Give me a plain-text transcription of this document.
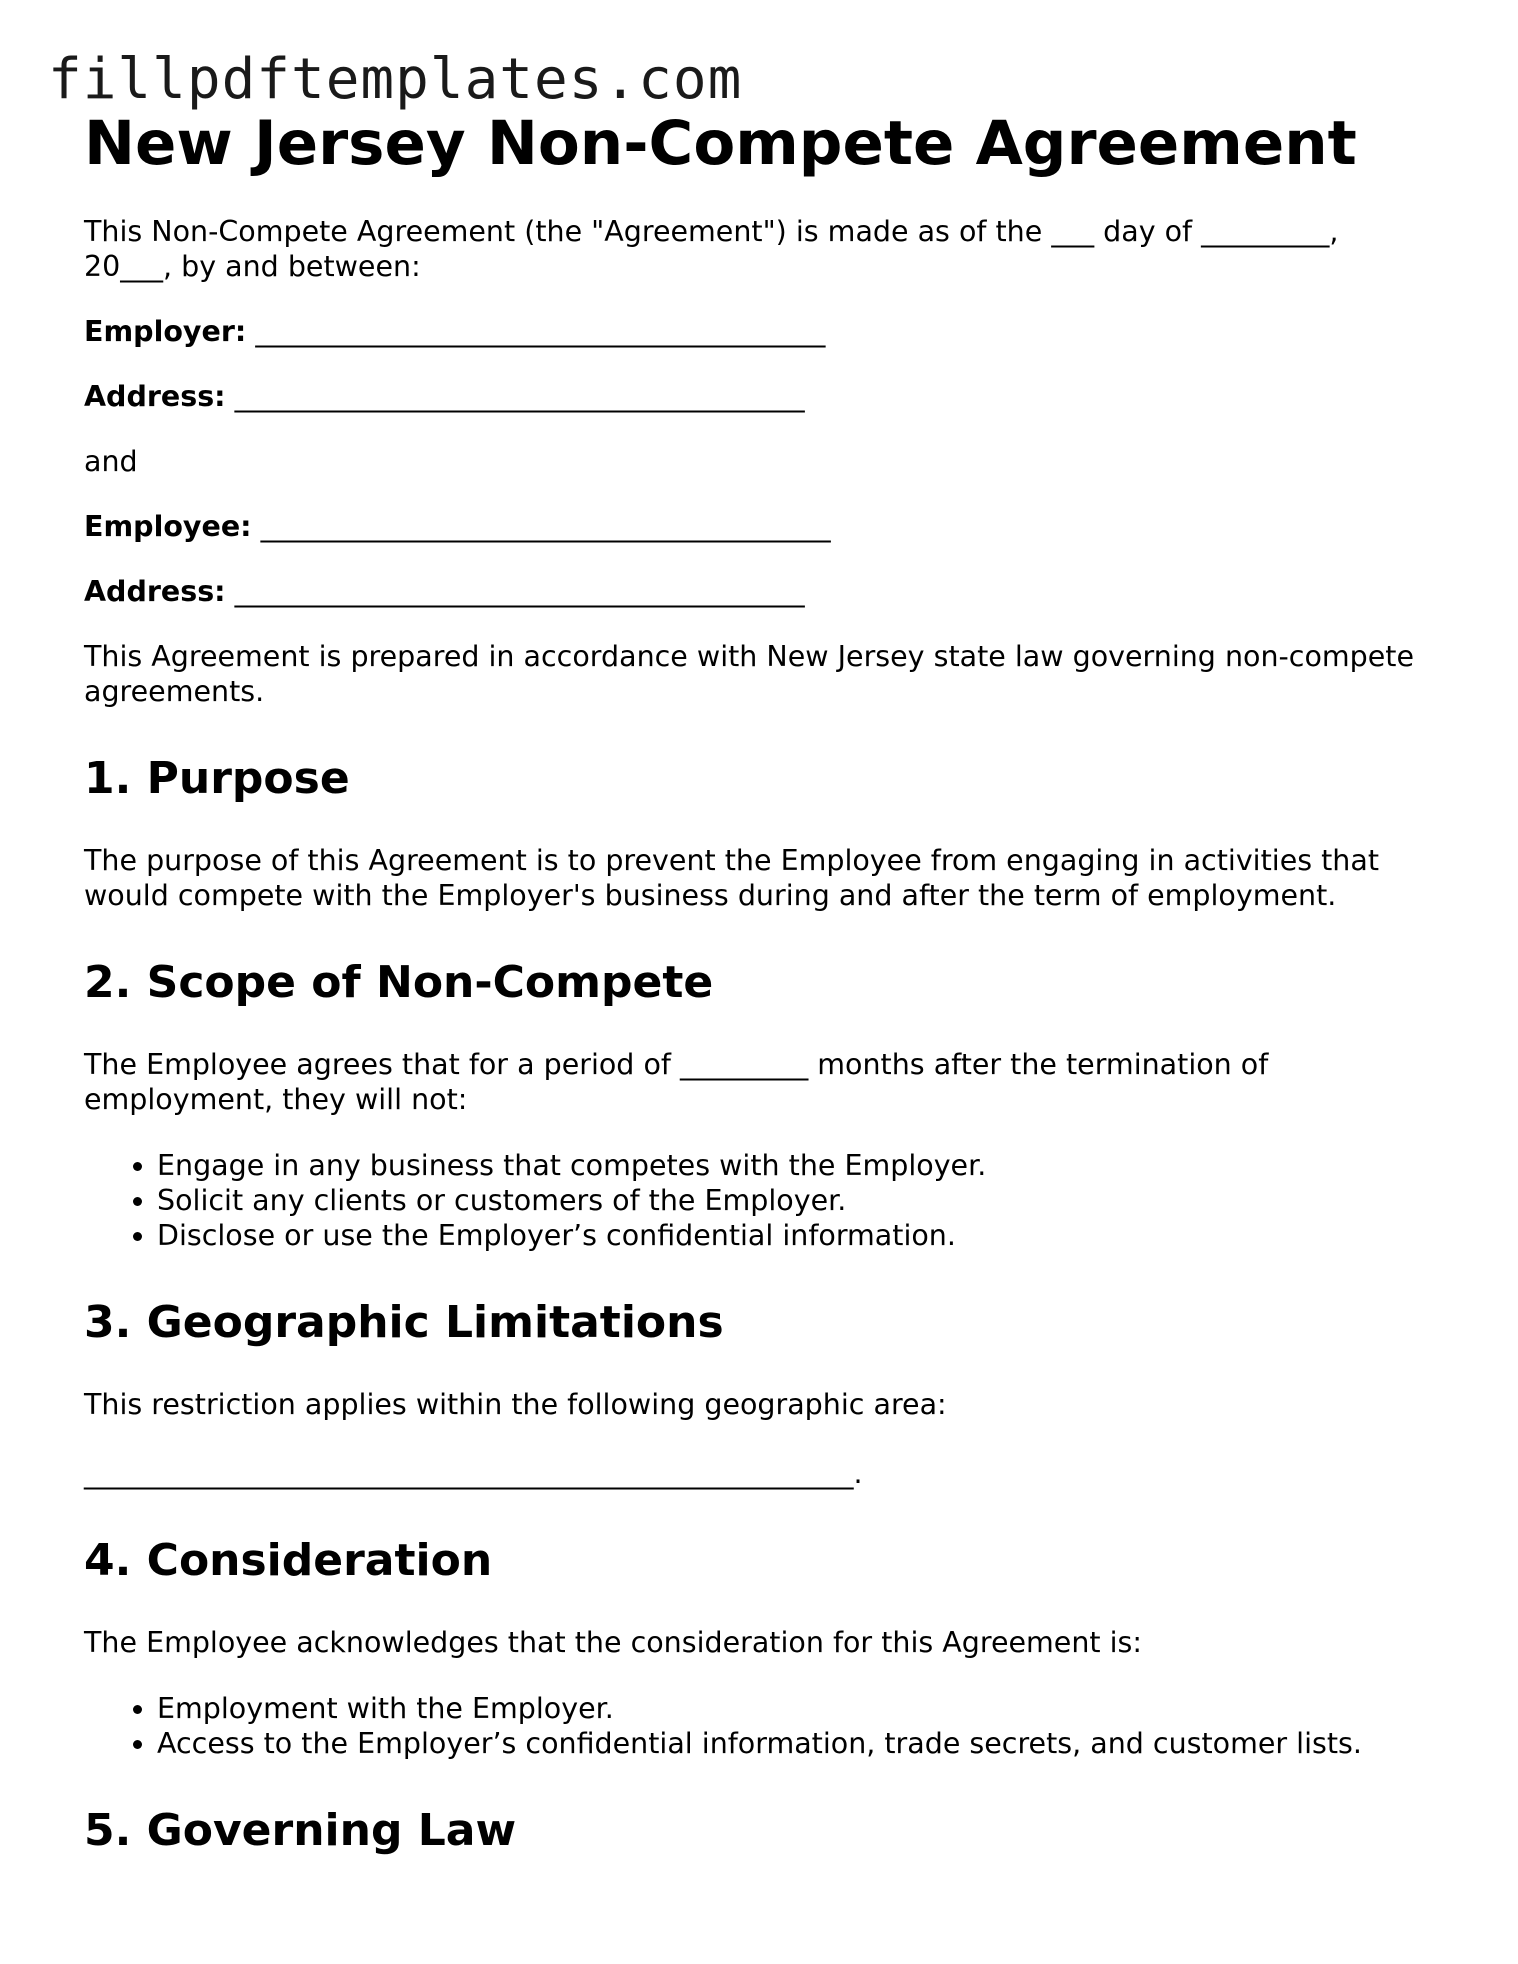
fillpdftemplates.com
New Jersey Non-Compete Agreement

This Non-Compete Agreement (the "Agreement") is made as of the ___ day of _________, 20___, by and between:

Employer: ________________________________________

Address: ________________________________________

and

Employee: ________________________________________

Address: ________________________________________

This Agreement is prepared in accordance with New Jersey state law governing non-compete agreements.

1. Purpose

The purpose of this Agreement is to prevent the Employee from engaging in activities that would compete with the Employer's business during and after the term of employment.

2. Scope of Non-Compete

The Employee agrees that for a period of _________ months after the termination of employment, they will not:

• Engage in any business that competes with the Employer.
• Solicit any clients or customers of the Employer.
• Disclose or use the Employer’s confidential information.
3. Geographic Limitations

This restriction applies within the following geographic area:

______________________________________________________.

4. Consideration

The Employee acknowledges that the consideration for this Agreement is:

• Employment with the Employer.
• Access to the Employer’s confidential information, trade secrets, and customer lists.
5. Governing Law
